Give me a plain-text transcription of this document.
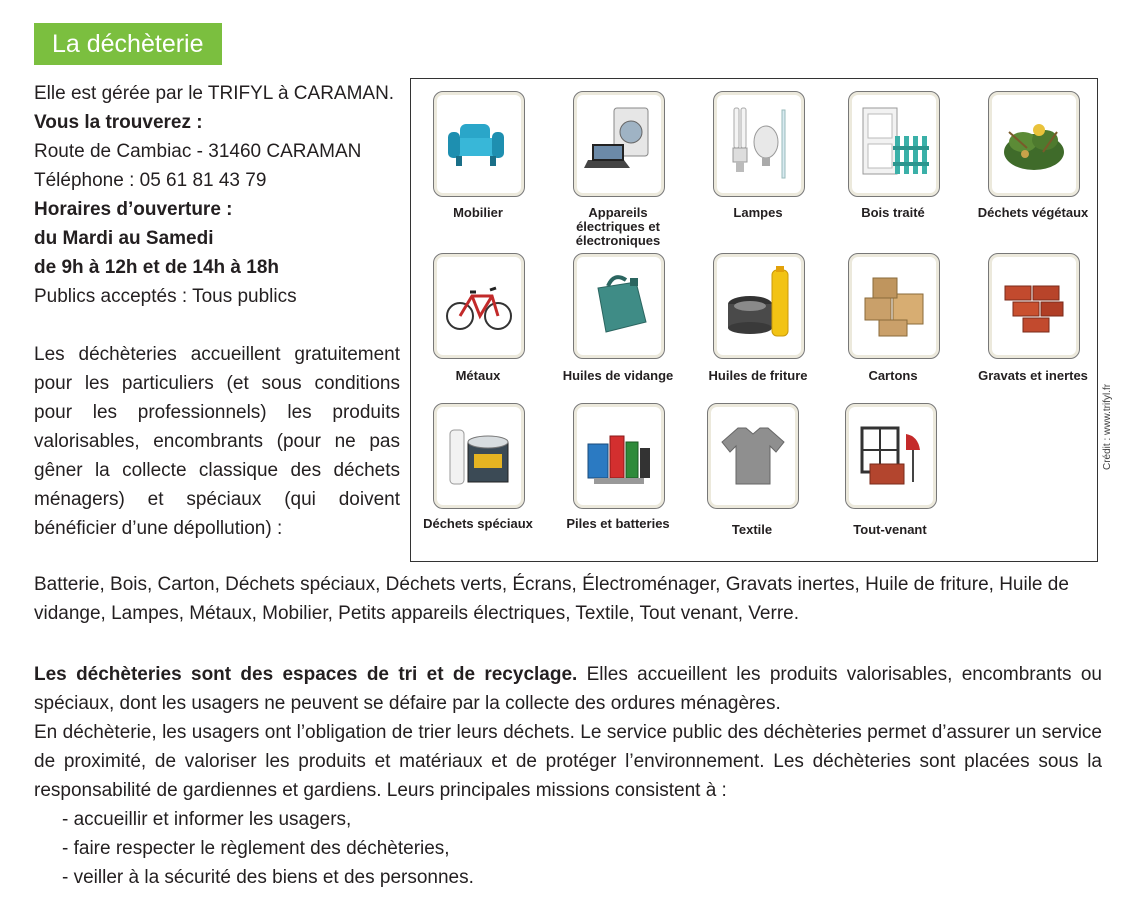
La déchèterie
Elle est gérée par le TRIFYL à CARAMAN.
Vous la trouverez :
Route de Cambiac - 31460 CARAMAN
Téléphone : 05 61 81 43 79
Horaires d’ouverture :
du Mardi au Samedi
de 9h à 12h et de 14h à 18h
Publics acceptés : Tous publics
Les déchèteries accueillent gratuitement pour les particuliers (et sous conditions pour les professionnels) les produits valorisables, encombrants (pour ne pas gêner la collecte classique des déchets ménagers) et spéciaux (qui doivent bénéficier d’une dépollution) :
Batterie, Bois, Carton, Déchets spéciaux, Déchets verts, Écrans, Électroménager, Gravats inertes, Huile de friture, Huile de vidange, Lampes, Métaux, Mobilier, Petits appareils électriques, Textile, Tout venant, Verre.

Les déchèteries sont des espaces de tri et de recyclage. Elles accueillent les produits valorisables, encombrants ou spéciaux, dont les usagers ne peuvent se défaire par la collecte des ordures ménagères.

En déchèterie, les usagers ont l’obligation de trier leurs déchets. Le service public des déchèteries permet d’assurer un service de proximité, de valoriser les produits et matériaux et de protéger l’environnement. Les déchèteries sont placées sous la responsabilité de gardiennes et gardiens. Leurs principales missions consistent à :

- accueillir et informer les usagers,
- faire respecter le règlement des déchèteries,
- veiller à la sécurité des biens et des personnes.
Mobilier	Appareils électriques et électroniques
Lampes	Bois traité	Déchets végétaux
Métaux	Huiles de vidange	Huiles de friture	Cartons	Gravats et inertes
Déchets spéciaux	Piles et batteries	Textile	Tout-venant
Crédit : www.trifyl.fr
